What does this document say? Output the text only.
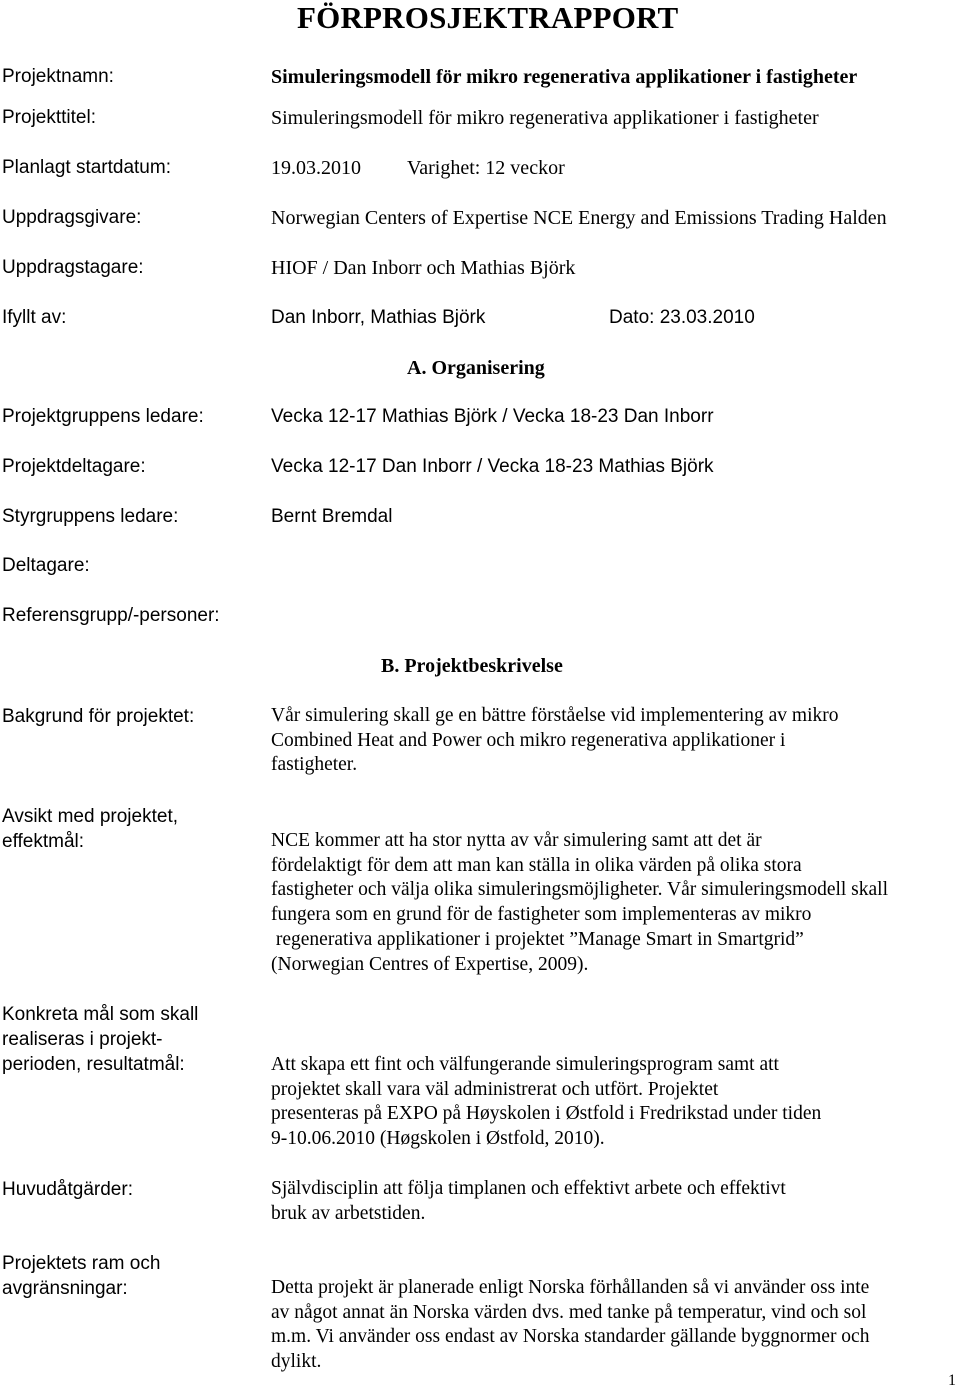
FÖRPROSJEKTRAPPORT
Projektnamn:	Simuleringsmodell för mikro regenerativa applikationer i fastigheter
Projekttitel:	Simuleringsmodell för mikro regenerativa applikationer i fastigheter
Planlagt startdatum:	19.03.2010 Varighet: 12 veckor
Uppdragsgivare:	Norwegian Centers of Expertise NCE Energy and Emissions Trading Halden
Uppdragstagare:	HIOF / Dan Inborr och Mathias Björk
Ifyllt av:	Dan Inborr, Mathias Björk	Dato: 23.03.2010
A. Organisering
Projektgruppens ledare:	Vecka 12-17 Mathias Björk / Vecka 18-23 Dan Inborr
Projektdeltagare:	Vecka 12-17 Dan Inborr / Vecka 18-23 Mathias Björk
Styrgruppens ledare:	Bernt Bremdal
Deltagare:
Referensgrupp/-personer:
B. Projektbeskrivelse
Bakgrund för projektet:	Vår simulering skall ge en bättre förståelse vid implementering av mikro
Combined Heat and Power och mikro regenerativa applikationer i
fastigheter.
Avsikt med projektet,
effektmål:	NCE kommer att ha stor nytta av vår simulering samt att det är
fördelaktigt för dem att man kan ställa in olika värden på olika stora
fastigheter och välja olika simuleringsmöjligheter. Vår simuleringsmodell skall
fungera som en grund för de fastigheter som implementeras av mikro
regenerativa applikationer i projektet ”Manage Smart in Smartgrid”
(Norwegian Centres of Expertise, 2009).
Konkreta mål som skall
realiseras i projekt-
perioden, resultatmål:	Att skapa ett fint och välfungerande simuleringsprogram samt att
projektet skall vara väl administrerat och utfört. Projektet
presenteras på EXPO på Høyskolen i Østfold i Fredrikstad under tiden
9-10.06.2010 (Høgskolen i Østfold, 2010).
Huvudåtgärder:	Självdisciplin att följa timplanen och effektivt arbete och effektivt
bruk av arbetstiden.
Projektets ram och
avgränsningar:	Detta projekt är planerade enligt Norska förhållanden så vi använder oss inte
av något annat än Norska värden dvs. med tanke på temperatur, vind och sol
m.m. Vi använder oss endast av Norska standarder gällande byggnormer och
dylikt.
1
